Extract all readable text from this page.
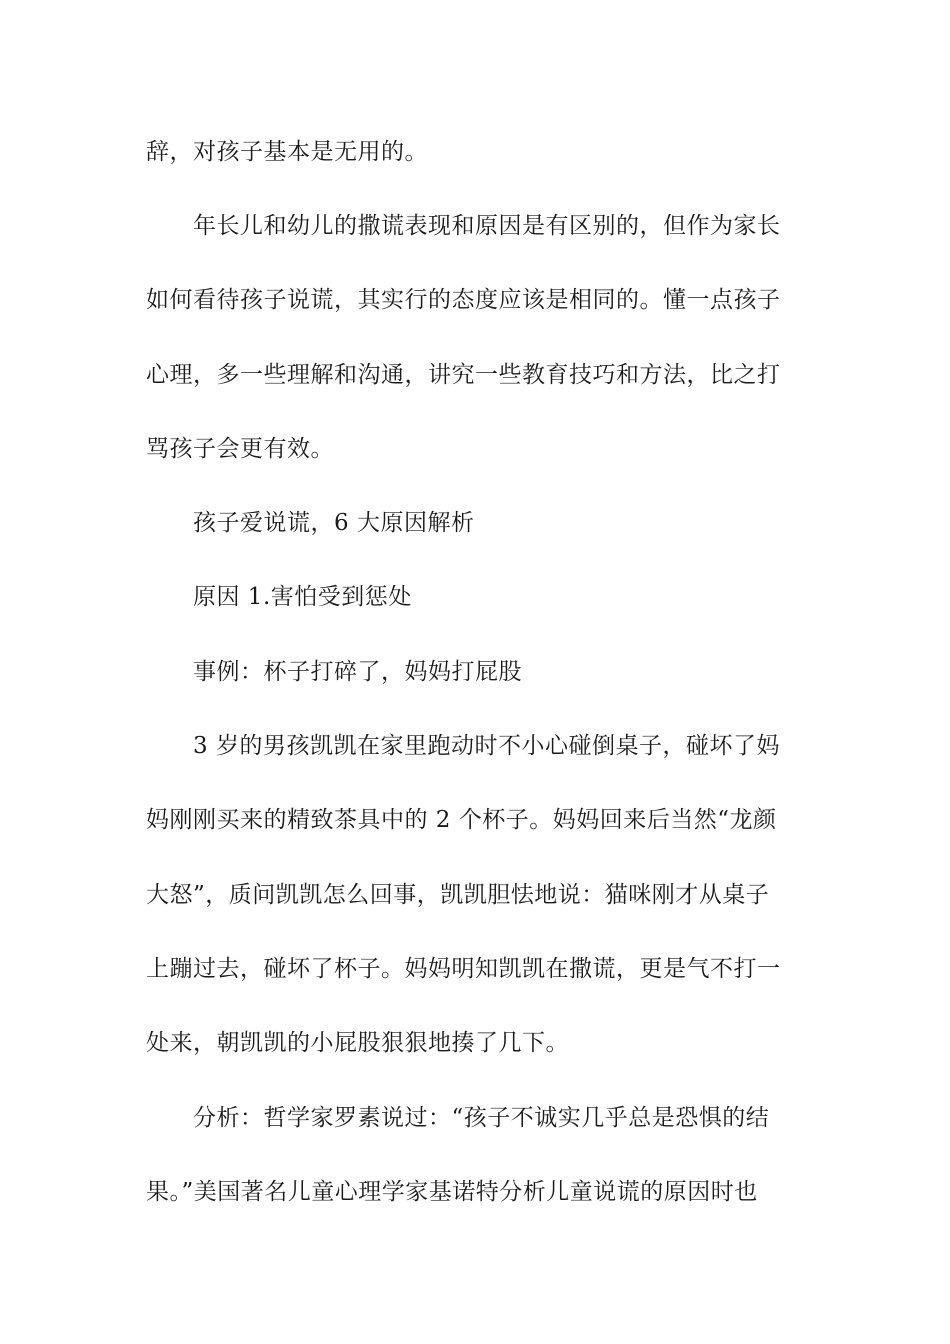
辞，对孩子基本是无用的。
年长儿和幼儿的撒谎表现和原因是有区别的，但作为家长
如何看待孩子说谎，其实行的态度应该是相同的。懂一点孩子
心理，多一些理解和沟通，讲究一些教育技巧和方法，比之打
骂孩子会更有效。
孩子爱说谎，6 大原因解析
原因 1.害怕受到惩处
事例：杯子打碎了，妈妈打屁股
3 岁的男孩凯凯在家里跑动时不小心碰倒桌子，碰坏了妈
妈刚刚买来的精致茶具中的 2 个杯子。妈妈回来后当然“龙颜
大怒”，质问凯凯怎么回事，凯凯胆怯地说：猫咪刚才从桌子
上蹦过去，碰坏了杯子。妈妈明知凯凯在撒谎，更是气不打一
处来，朝凯凯的小屁股狠狠地揍了几下。
分析：哲学家罗素说过：“孩子不诚实几乎总是恐惧的结
果。”美国著名儿童心理学家基诺特分析儿童说谎的原因时也
